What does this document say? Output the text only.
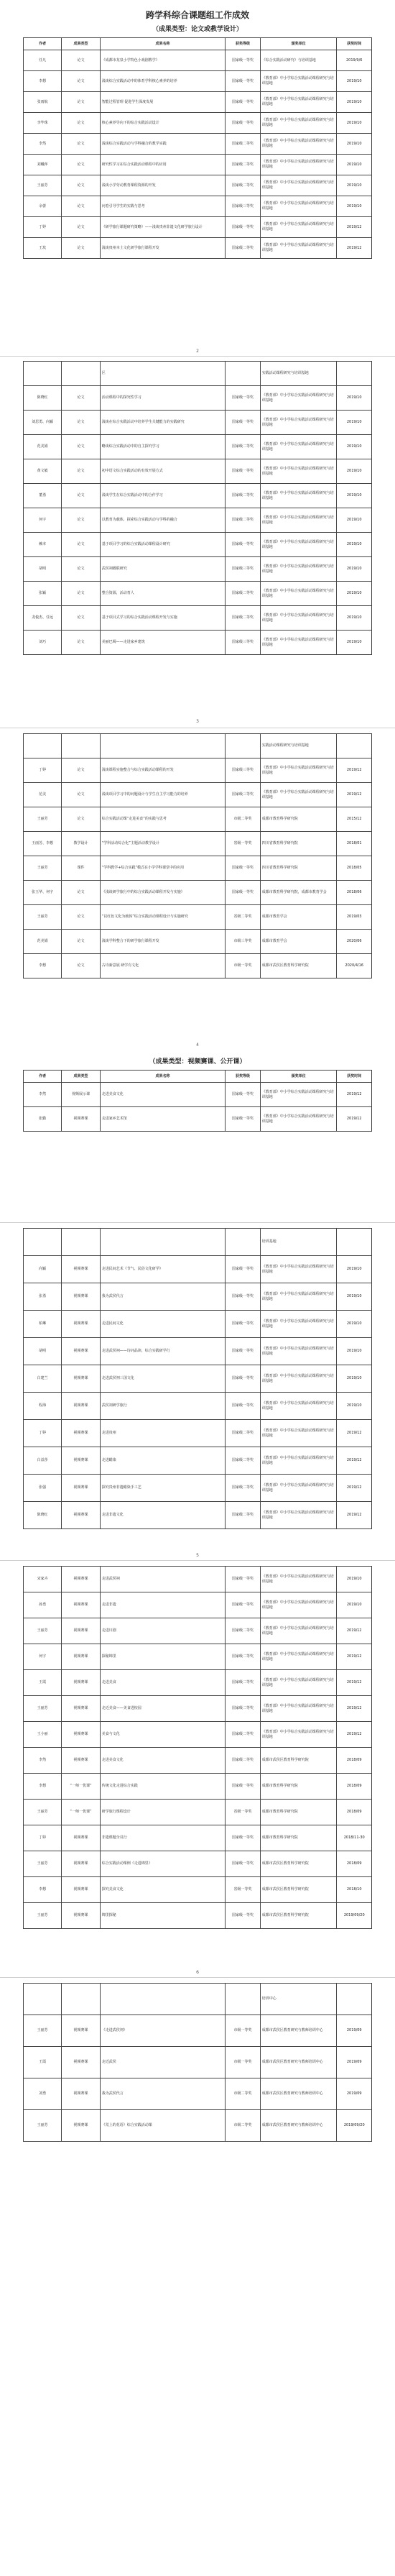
跨学科综合课题组工作成效
（成果类型：论文或教学设计）
作者	成果类型	成果名称	获奖等级	颁奖单位	获奖时间
任凡	论文	《成都市龙泉小学特色小戏剧教学》	国家级一等奖	《综合实践活动研究》与培训基地	2019/9/6
李想	论文	浅谈综合实践活动中的体育学科核心素养的培养	国家级一等奖	《教育部》中小学综合实践活动课程研究与培训基地	2019/10
张雨航	论文	智能过程管理 促进学生深度发展	国家级一等奖	《教育部》中小学综合实践活动课程研究与培训基地	2019/10
李毕珠	论文	核心素养导向下的综合实践活动设计	国家级一等奖	《教育部》中小学综合实践活动课程研究与培训基地	2019/10
李然	论文	浅谈综合实践活动与学科融合的教学实践	国家级二等奖	《教育部》中小学综合实践活动课程研究与培训基地	2019/10
刘曦萍	论文	研究性学习在综合实践活动课程中的应用	国家级二等奖	《教育部》中小学综合实践活动课程研究与培训基地	2019/10
王丽芳	论文	浅谈小学劳动教育课程资源的开发	国家级二等奖	《教育部》中小学综合实践活动课程研究与培训基地	2019/10
余蕾	论文	问卷引导学生的实践与思考	国家级三等奖	《教育部》中小学综合实践活动课程研究与培训基地	2019/10
丁婷	论文	《研学旅行课题研究策略》——浅谈贵州非遗文化研学旅行设计	国家级一等奖	《教育部》中小学综合实践活动课程研究与培训基地	2019/12
王玫	论文	浅谈贵州本土文化研学旅行课程开发	国家级二等奖	《教育部》中小学综合实践活动课程研究与培训基地	2019/12
		区		实践活动课程研究与培训基地	
陈晓红	论文	活动课程中的探究性学习	国家级一等奖	《教育部》中小学综合实践活动课程研究与培训基地	2019/10
刘思勇、向颖	论文	浅谈在综合实践活动中培养学生关键能力的实践研究	国家级一等奖	《教育部》中小学综合实践活动课程研究与培训基地	2019/10
范美娟	论文	略谈综合实践活动中的自主探究学习	国家级二等奖	《教育部》中小学综合实践活动课程研究与培训基地	2019/10
黄文敏	论文	初中语文综合实践活动的有效开展方式	国家级一等奖	《教育部》中小学综合实践活动课程研究与培训基地	2019/10
董勇	论文	浅谈学生在综合实践活动中的合作学习	国家级二等奖	《教育部》中小学综合实践活动课程研究与培训基地	2019/10
何宇	论文	以教育为载体，探索综合实践活动与学科的融合	国家级二等奖	《教育部》中小学综合实践活动课程研究与培训基地	2019/10
赖本	论文	基于项目学习的综合实践活动课程设计研究	国家级一等奖	《教育部》中小学综合实践活动课程研究与培训基地	2019/10
胡明	论文	武侯祠楹联研究	国家级三等奖	《教育部》中小学综合实践活动课程研究与培训基地	2019/10
张颖	论文	整合资源，活动育人	国家级二等奖	《教育部》中小学综合实践活动课程研究与培训基地	2019/10
龙俊杰、任远	论文	基于项目式学习的综合实践活动课程开发与实施	国家级二等奖	《教育部》中小学综合实践活动课程研究与培训基地	2019/10
刘巧	论文	美丽巴蜀——走进家乡建筑	国家级三等奖	《教育部》中小学综合实践活动课程研究与培训基地	2019/10
				实践活动课程研究与培训基地	
丁婷	论文	浅谈课程实施整合与综合实践活动课程的开发	国家级三等奖	《教育部》中小学综合实践活动课程研究与培训基地	2019/12
范美	论文	浅谈项目学习中的问题设计与学生自主学习能力的培养	国家级三等奖	《教育部》中小学综合实践活动课程研究与培训基地	2019/12
王丽芳	论文	综合实践活动课“走进美食”的实践与思考	市级二等奖	成都市教育科学研究院	2015/12
王丽芳、李想	教学设计	“学科活动综合化”主题活动教学设计	省级一等奖	四川省教育科学研究院	2018/01
王丽芳	课件	“学科教学+综合实践”模式在小学学科课堂中的应用	国家级一等奖	四川省教育科学研究院	2018/05
张玉华、何宇	论文	《浅谈研学旅行中的综合实践活动课程开发与实施》	国家级一等奖	成都市教育科学研究院，成都市教育学会	2018/06
王丽芳	论文	“以红色文化为载体”综合实践活动课程设计与实施研究	省级二等奖	成都市教育学会	2019/03
范美娟	论文	浅谈学科整合下的研学旅行课程开发	市级三等奖	成都市教育学会	2020/06
李想	论文	古诗新意展 研学有文化	市级一等奖	成都市武侯区教育科学研究院	2020/4/16
（成果类型：视频赛课、公开课）
作者	成果类型	成果名称	获奖等级	颁奖单位	获奖时间
李然	视频展示课	走进美食文化	国家级一等奖	《教育部》中小学综合实践活动课程研究与培训基地	2019/12
张勤	视频赛课	走进家乡艺术馆	国家级一等奖	《教育部》中小学综合实践活动课程研究与培训基地	2019/12
				培训基地	
向颖	视频赛课	走进民间艺术《节气、民俗文化研学》	国家级一等奖	《教育部》中小学综合实践活动课程研究与培训基地	2019/10
张勇	视频赛课	我为武侯代言	国家级一等奖	《教育部》中小学综合实践活动课程研究与培训基地	2019/10
柏琳	视频赛课	走进民间文化	国家级一等奖	《教育部》中小学综合实践活动课程研究与培训基地	2019/10
胡明	视频赛课	走进武侯祠——诗词品读、综合实践研学行	国家级一等奖	《教育部》中小学综合实践活动课程研究与培训基地	2019/10
白建兰	视频赛课	走进武侯祠三国文化	国家级一等奖	《教育部》中小学综合实践活动课程研究与培训基地	2019/10
程海	视频赛课	武侯祠研学旅行	国家级一等奖	《教育部》中小学综合实践活动课程研究与培训基地	2019/10
丁婷	视频赛课	走进贵州	国家级二等奖	《教育部》中小学综合实践活动课程研究与培训基地	2019/12
白益莎	视频赛课	走进蜡染	国家级二等奖	《教育部》中小学综合实践活动课程研究与培训基地	2019/12
张强	视频赛课	探究贵州非遗蜡染手工艺	国家级二等奖	《教育部》中小学综合实践活动课程研究与培训基地	2019/12
陈晓红	视频赛课	走进非遗文化	国家级二等奖	《教育部》中小学综合实践活动课程研究与培训基地	2019/12
宋家卉	视频赛课	走进武侯祠	国家级一等奖	《教育部》中小学综合实践活动课程研究与培训基地	2019/10
孙勇	视频赛课	走进非遗	国家级一等奖	《教育部》中小学综合实践活动课程研究与培训基地	2019/10
王丽芳	视频赛课	走进川剧	国家级二等奖	《教育部》中小学综合实践活动课程研究与培训基地	2019/12
何宇	视频赛课	探秘锦里	国家级二等奖	《教育部》中小学综合实践活动课程研究与培训基地	2019/12
王霞	视频赛课	走进美食	国家级二等奖	《教育部》中小学综合实践活动课程研究与培训基地	2019/12
王丽芳	视频赛课	走近美食——美食进校园	国家级二等奖	《教育部》中小学综合实践活动课程研究与培训基地	2019/12
王小丽	视频赛课	美食与文化	国家级二等奖	《教育部》中小学综合实践活动课程研究与培训基地	2019/12
李然	视频赛课	走进美食文化	国家级二等奖	成都市武侯区教育科学研究院	2018/09
李想	“一师一优课”	传统文化走进综合实践	国家级一等奖	成都市教育科学研究院	2018/09
王丽芳	“一师一优课”	研学旅行课程设计	省级一等奖	成都市教育科学研究院	2018/09
丁婷	视频赛课	非遗课题全员行	国家级一等奖	成都市教育科学研究院	2018/11-30
王丽芳	视频赛课	综合实践活动课例《走进锦里》	国家级一等奖	成都市武侯区教育科学研究院	2018/09
李想	视频赛课	探究美食文化	省级一等奖	成都市武侯区教育科学研究院	2018/10
王丽芳	视频赛课	锦里探秘	国家级一等奖	成都市武侯区教育科学研究院	2019/09/20
				培训中心	
王丽芳	视频赛课	《走进武侯祠》	市级一等奖	成都市武侯区教育研究与教师培训中心	2019/09
王霞	视频赛课	走近武侯	市级一等奖	成都市武侯区教育研究与教师培训中心	2019/09
刘勇	视频赛课	我为武侯代言	市级二等奖	成都市武侯区教育研究与教师培训中心	2019/09
王丽芳	视频赛课	《荒上的花语》综合实践活动课	市级二等奖	成都市武侯区教育研究与教师培训中心	2019/09/20
2
3
4
5
6
